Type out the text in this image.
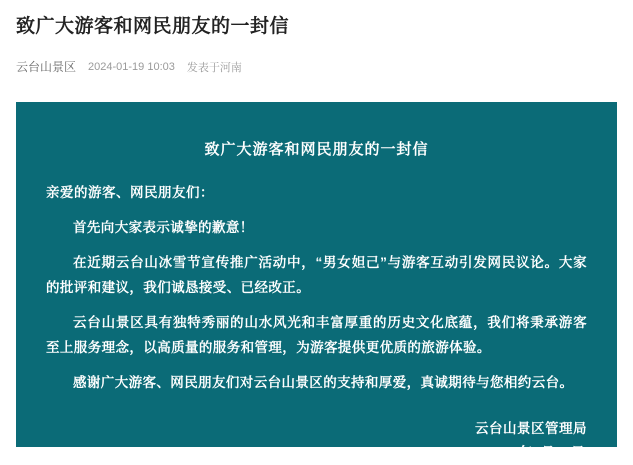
致广大游客和网民朋友的一封信
云台山景区 2024-01-19 10:03 发表于河南
致广大游客和网民朋友的一封信
亲爱的游客、网民朋友们：

首先向大家表示诚挚的歉意！

在近期云台山冰雪节宣传推广活动中，“男女妲己”与游客互动引发网民议论。大家的批评和建议，我们诚恳接受、已经改正。

云台山景区具有独特秀丽的山水风光和丰富厚重的历史文化底蕴，我们将秉承游客至上服务理念，以高质量的服务和管理，为游客提供更优质的旅游体验。

感谢广大游客、网民朋友们对云台山景区的支持和厚爱，真诚期待与您相约云台。

云台山景区管理局
2024年1月19日
